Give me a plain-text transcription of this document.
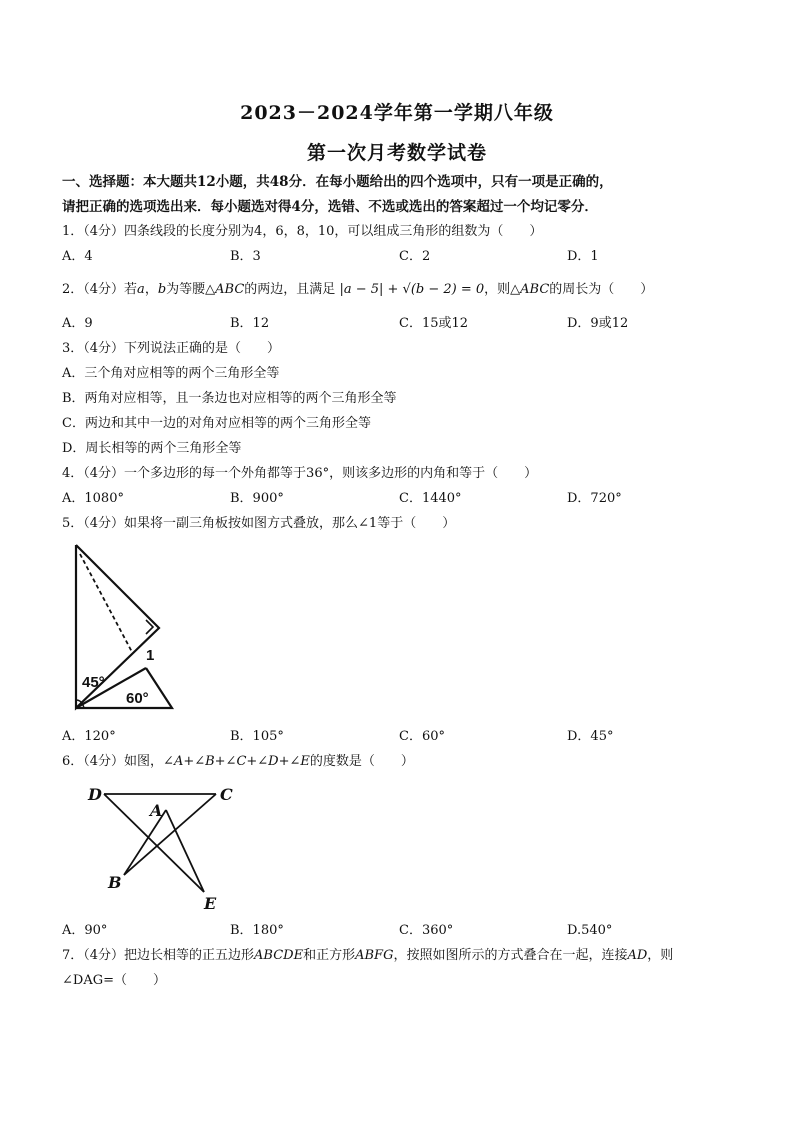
2023－2024学年第一学期八年级
第一次月考数学试卷
一、选择题：本大题共12小题，共48分．在每小题给出的四个选项中，只有一项是正确的，
请把正确的选项选出来．每小题选对得4分，选错、不选或选出的答案超过一个均记零分．
1．（4分）四条线段的长度分别为4，6，8，10，可以组成三角形的组数为（　　）
A．4	B．3	C．2	D．1
2．（4分）若a，b为等腰△ABC的两边，且满足 |a − 5| + √(b − 2) = 0，则△ABC的周长为（　　）
A．9	B．12	C．15或12	D．9或12
3．（4分）下列说法正确的是（　　）
A．三个角对应相等的两个三角形全等
B．两角对应相等，且一条边也对应相等的两个三角形全等
C．两边和其中一边的对角对应相等的两个三角形全等
D．周长相等的两个三角形全等
4．（4分）一个多边形的每一个外角都等于36°，则该多边形的内角和等于（　　）
A．1080°	B．900°	C．1440°	D．720°
5．（4分）如果将一副三角板按如图方式叠放，那么∠1等于（　　）
45°
60°
1
A．120°	B．105°	C．60°	D．45°
6．（4分）如图，∠A+∠B+∠C+∠D+∠E的度数是（　　）
D	C
A
B
E
A．90°	B．180°	C．360°	D.540°
7．（4分）把边长相等的正五边形ABCDE和正方形ABFG，按照如图所示的方式叠合在一起，连接AD，则
∠DAG=（　　）
